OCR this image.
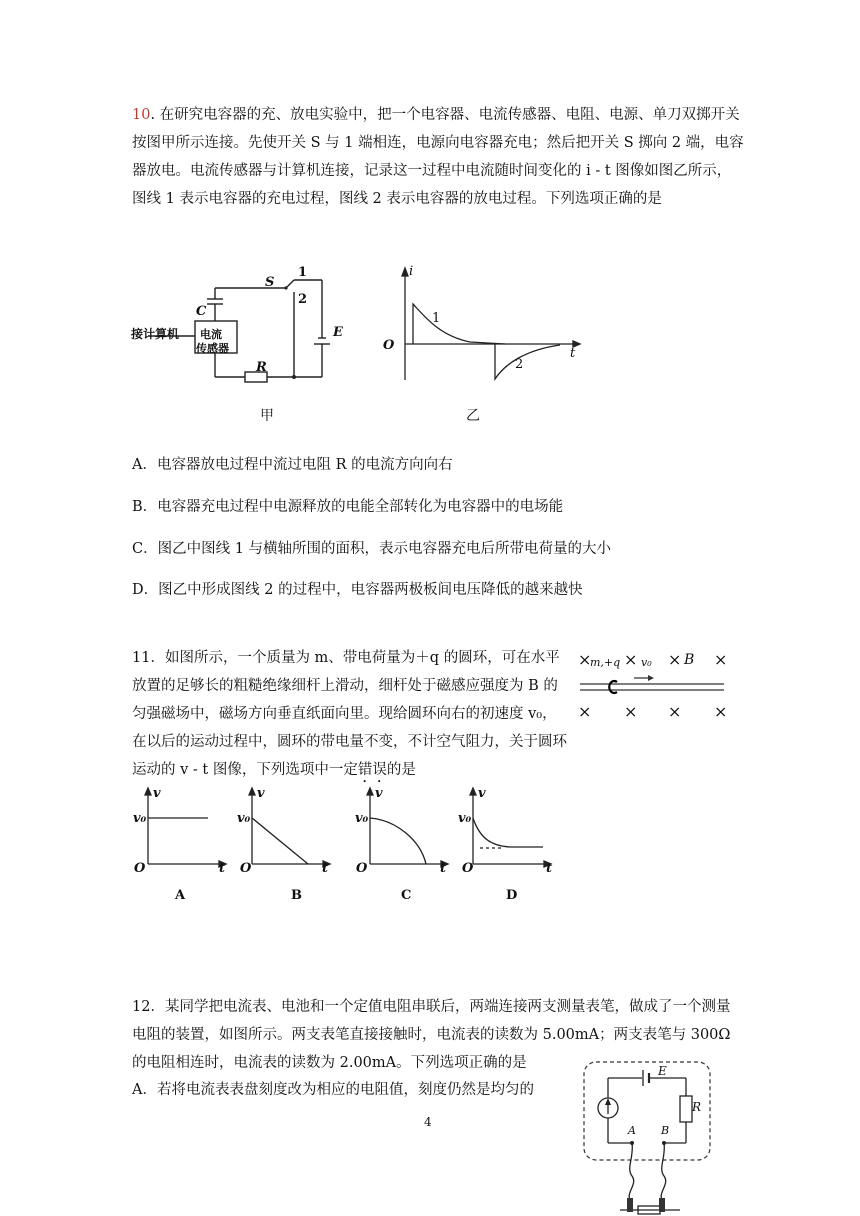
10. 在研究电容器的充、放电实验中，把一个电容器、电流传感器、电阻、电源、单刀双掷开关按图甲所示连接。先使开关 S 与 1 端相连，电源向电容器充电；然后把开关 S 掷向 2 端，电容器放电。电流传感器与计算机连接，记录这一过程中电流随时间变化的 i - t 图像如图乙所示，图线 1 表示电容器的充电过程，图线 2 表示电容器的放电过程。下列选项正确的是
接计算机 电流
传感器
S
1
2
C
E
R
甲
i
O
t
1
2
乙
A．电容器放电过程中流过电阻 R 的电流方向向右
B．电容器充电过程中电源释放的电能全部转化为电容器中的电场能
C．图乙中图线 1 与横轴所围的面积，表示电容器充电后所带电荷量的大小
D．图乙中形成图线 2 的过程中，电容器两极板间电压降低的越来越快
11．如图所示，一个质量为 m、带电荷量为＋q 的圆环，可在水平放置的足够长的粗糙绝缘细杆上滑动，细杆处于磁感应强度为 B 的匀强磁场中，磁场方向垂直纸面向里。现给圆环向右的初速度 v₀，在以后的运动过程中，圆环的带电量不变，不计空气阻力，关于圆环运动的 v - t 图像，下列选项中一定错误的是
× × × ×
× × × ×
m,+q v₀ B
v
v₀
O	t
v
v₀
O	t
v
v₀
O	t
v
v₀
O	t
A	B	C	D
12．某同学把电流表、电池和一个定值电阻串联后，两端连接两支测量表笔，做成了一个测量电阻的装置，如图所示。两支表笔直接接触时，电流表的读数为 5.00mA；两支表笔与 300Ω 的电阻相连时，电流表的读数为 2.00mA。下列选项正确的是
A．若将电流表表盘刻度改为相应的电阻值，刻度仍然是均匀的
E
R
A B
4
